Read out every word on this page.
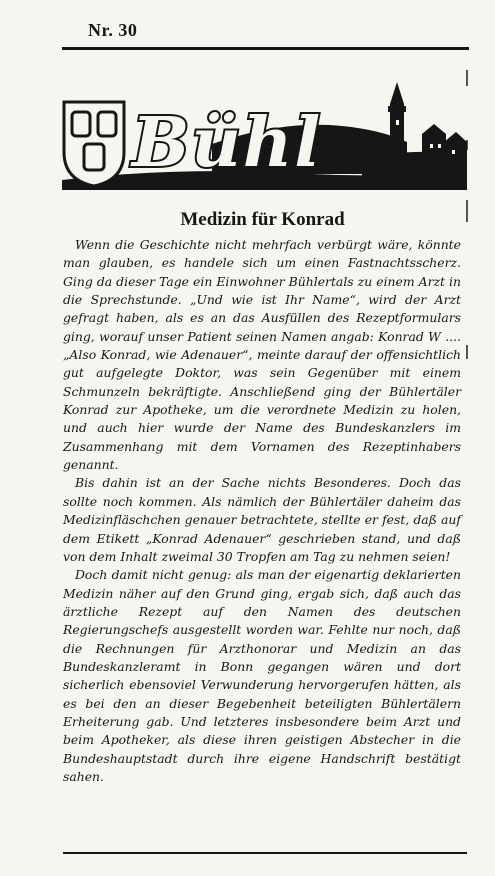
Nr. 30
Bühl
Medizin für Konrad

Wenn die Geschichte nicht mehrfach verbürgt wäre, könnte man glauben, es handele sich um einen Fastnachtsscherz. Ging da dieser Tage ein Einwohner Bühlertals zu einem Arzt in die Sprechstunde. „Und wie ist Ihr Name“, wird der Arzt gefragt haben, als es an das Ausfüllen des Rezeptformulars ging, worauf unser Patient seinen Namen angab: Konrad W .... „Also Konrad, wie Adenauer“, meinte darauf der offensichtlich gut aufgelegte Doktor, was sein Gegenüber mit einem Schmunzeln bekräftigte. Anschließend ging der Bühlertäler Konrad zur Apotheke, um die verordnete Medizin zu holen, und auch hier wurde der Name des Bundeskanzlers im Zusammenhang mit dem Vornamen des Rezeptinhabers genannt.

Bis dahin ist an der Sache nichts Besonderes. Doch das sollte noch kommen. Als nämlich der Bühlertäler daheim das Medizinfläschchen genauer betrachtete, stellte er fest, daß auf dem Etikett „Konrad Adenauer“ geschrieben stand, und daß von dem Inhalt zweimal 30 Tropfen am Tag zu nehmen seien!

Doch damit nicht genug: als man der eigenartig deklarierten Medizin näher auf den Grund ging, ergab sich, daß auch das ärztliche Rezept auf den Namen des deutschen Regierungschefs ausgestellt worden war. Fehlte nur noch, daß die Rechnungen für Arzthonorar und Medizin an das Bundeskanzleramt in Bonn gegangen wären und dort sicherlich ebensoviel Verwunderung hervorgerufen hätten, als es bei den an dieser Begebenheit beteiligten Bühlertälern Erheiterung gab. Und letzteres insbesondere beim Arzt und beim Apotheker, als diese ihren geistigen Abstecher in die Bundeshauptstadt durch ihre eigene Handschrift bestätigt sahen.
